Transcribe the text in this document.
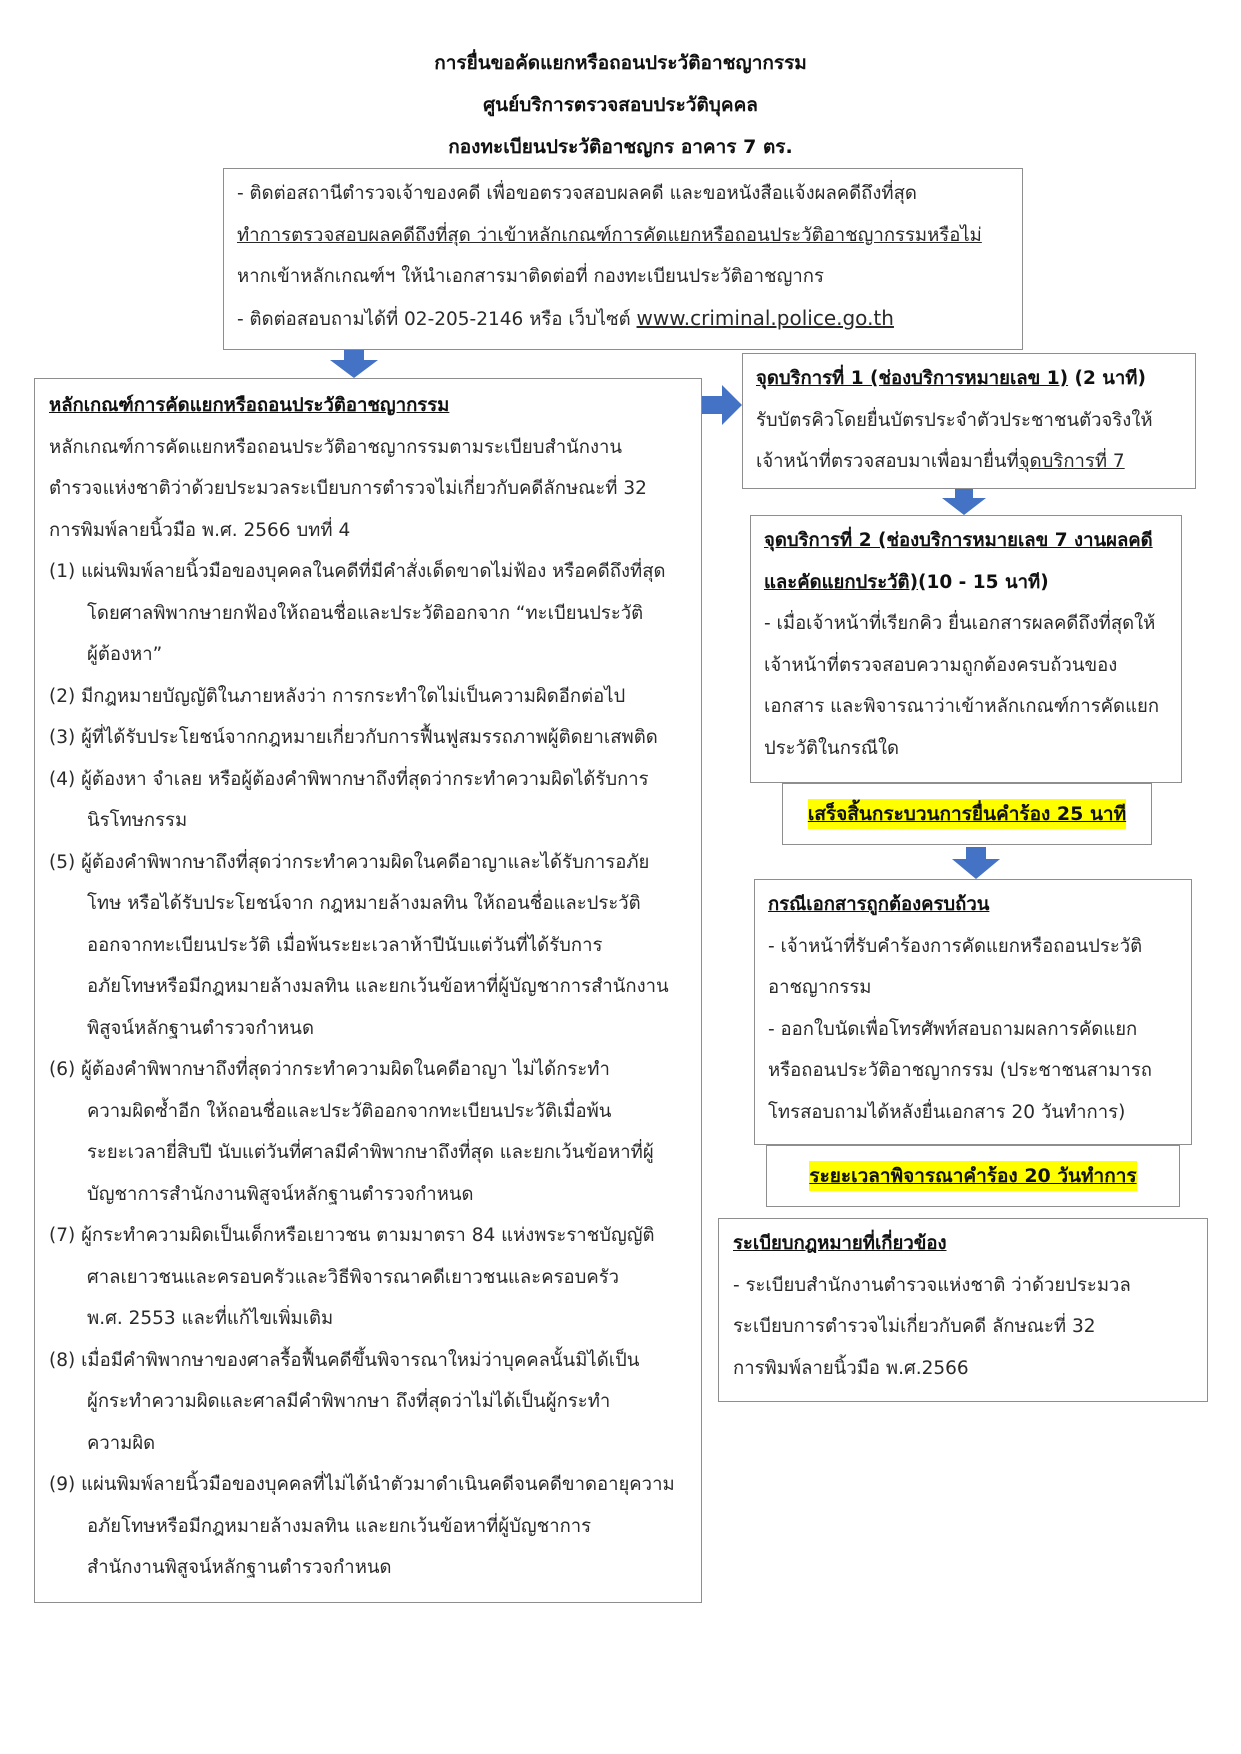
การยื่นขอคัดแยกหรือถอนประวัติอาชญากรรม
ศูนย์บริการตรวจสอบประวัติบุคคล
กองทะเบียนประวัติอาชญกร อาคาร 7 ตร.
- ติดต่อสถานีตำรวจเจ้าของคดี เพื่อขอตรวจสอบผลคดี และขอหนังสือแจ้งผลคดีถึงที่สุด
ทำการตรวจสอบผลคดีถึงที่สุด ว่าเข้าหลักเกณฑ์การคัดแยกหรือถอนประวัติอาชญากรรมหรือไม่
หากเข้าหลักเกณฑ์ฯ ให้นำเอกสารมาติดต่อที่ กองทะเบียนประวัติอาชญากร
- ติดต่อสอบถามได้ที่ 02-205-2146 หรือ เว็บไซต์ www.criminal.police.go.th
หลักเกณฑ์การคัดแยกหรือถอนประวัติอาชญากรรม
หลักเกณฑ์การคัดแยกหรือถอนประวัติอาชญากรรมตามระเบียบสำนักงาน
ตำรวจแห่งชาติว่าด้วยประมวลระเบียบการตำรวจไม่เกี่ยวกับคดีลักษณะที่ 32
การพิมพ์ลายนิ้วมือ พ.ศ. 2566 บทที่ 4
(1) แผ่นพิมพ์ลายนิ้วมือของบุคคลในคดีที่มีคำสั่งเด็ดขาดไม่ฟ้อง หรือคดีถึงที่สุด
โดยศาลพิพากษายกฟ้องให้ถอนชื่อและประวัติออกจาก “ทะเบียนประวัติ
ผู้ต้องหา”
(2) มีกฎหมายบัญญัติในภายหลังว่า การกระทำใดไม่เป็นความผิดอีกต่อไป
(3) ผู้ที่ได้รับประโยชน์จากกฎหมายเกี่ยวกับการฟื้นฟูสมรรถภาพผู้ติดยาเสพติด
(4) ผู้ต้องหา จำเลย หรือผู้ต้องคำพิพากษาถึงที่สุดว่ากระทำความผิดได้รับการ
นิรโทษกรรม
(5) ผู้ต้องคำพิพากษาถึงที่สุดว่ากระทำความผิดในคดีอาญาและได้รับการอภัย
โทษ หรือได้รับประโยชน์จาก กฎหมายล้างมลทิน ให้ถอนชื่อและประวัติ
ออกจากทะเบียนประวัติ เมื่อพ้นระยะเวลาห้าปีนับแต่วันที่ได้รับการ
อภัยโทษหรือมีกฎหมายล้างมลทิน และยกเว้นข้อหาที่ผู้บัญชาการสำนักงาน
พิสูจน์หลักฐานตำรวจกำหนด
(6) ผู้ต้องคำพิพากษาถึงที่สุดว่ากระทำความผิดในคดีอาญา ไม่ได้กระทำ
ความผิดซ้ำอีก ให้ถอนชื่อและประวัติออกจากทะเบียนประวัติเมื่อพ้น
ระยะเวลายี่สิบปี นับแต่วันที่ศาลมีคำพิพากษาถึงที่สุด และยกเว้นข้อหาที่ผู้
บัญชาการสำนักงานพิสูจน์หลักฐานตำรวจกำหนด
(7) ผู้กระทำความผิดเป็นเด็กหรือเยาวชน ตามมาตรา 84 แห่งพระราชบัญญัติ
ศาลเยาวชนและครอบครัวและวิธีพิจารณาคดีเยาวชนและครอบครัว
พ.ศ. 2553 และที่แก้ไขเพิ่มเติม
(8) เมื่อมีคำพิพากษาของศาลรื้อฟื้นคดีขึ้นพิจารณาใหม่ว่าบุคคลนั้นมิได้เป็น
ผู้กระทำความผิดและศาลมีคำพิพากษา ถึงที่สุดว่าไม่ได้เป็นผู้กระทำ
ความผิด
(9) แผ่นพิมพ์ลายนิ้วมือของบุคคลที่ไม่ได้นำตัวมาดำเนินคดีจนคดีขาดอายุความ
อภัยโทษหรือมีกฎหมายล้างมลทิน และยกเว้นข้อหาที่ผู้บัญชาการ
สำนักงานพิสูจน์หลักฐานตำรวจกำหนด
จุดบริการที่ 1 (ช่องบริการหมายเลข 1) (2 นาที)
รับบัตรคิวโดยยื่นบัตรประจำตัวประชาชนตัวจริงให้
เจ้าหน้าที่ตรวจสอบมาเพื่อมายื่นที่จุดบริการที่ 7
จุดบริการที่ 2 (ช่องบริการหมายเลข 7 งานผลคดี
และคัดแยกประวัติ)(10 - 15 นาที)
- เมื่อเจ้าหน้าที่เรียกคิว ยื่นเอกสารผลคดีถึงที่สุดให้
เจ้าหน้าที่ตรวจสอบความถูกต้องครบถ้วนของ
เอกสาร และพิจารณาว่าเข้าหลักเกณฑ์การคัดแยก
ประวัติในกรณีใด
เสร็จสิ้นกระบวนการยื่นคำร้อง 25 นาที
กรณีเอกสารถูกต้องครบถ้วน
- เจ้าหน้าที่รับคำร้องการคัดแยกหรือถอนประวัติ
อาชญากรรม
- ออกใบนัดเพื่อโทรศัพท์สอบถามผลการคัดแยก
หรือถอนประวัติอาชญากรรม (ประชาชนสามารถ
โทรสอบถามได้หลังยื่นเอกสาร 20 วันทำการ)
ระยะเวลาพิจารณาคำร้อง 20 วันทำการ
ระเบียบกฎหมายที่เกี่ยวข้อง
- ระเบียบสำนักงานตำรวจแห่งชาติ ว่าด้วยประมวล
ระเบียบการตำรวจไม่เกี่ยวกับคดี ลักษณะที่ 32
การพิมพ์ลายนิ้วมือ พ.ศ.2566
